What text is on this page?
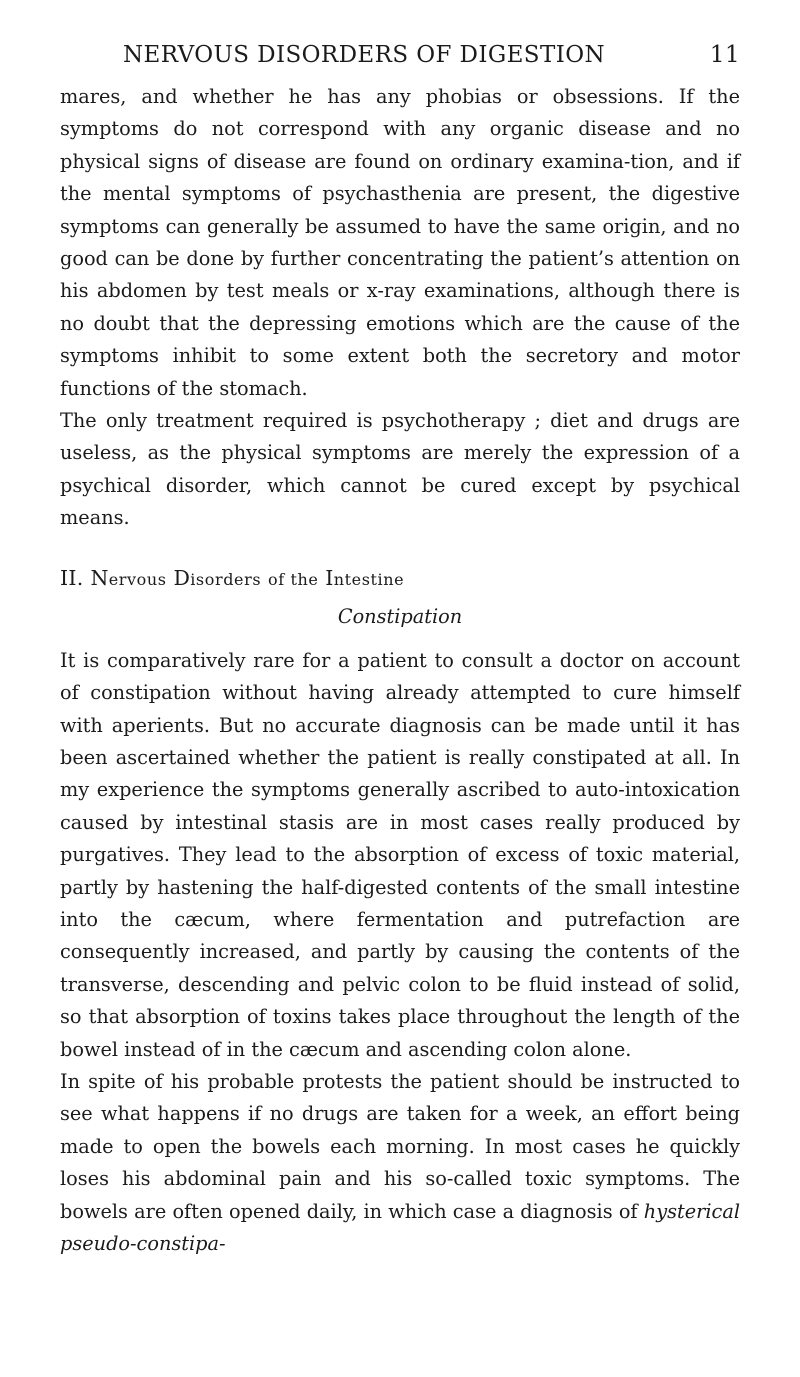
NERVOUS DISORDERS OF DIGESTION	11

mares, and whether he has any phobias or obsessions. If the symptoms do not correspond with any organic disease and no physical signs of disease are found on ordinary examina-tion, and if the mental symptoms of psychasthenia are present, the digestive symptoms can generally be assumed to have the same origin, and no good can be done by further concentrating the patient’s attention on his abdomen by test meals or x-ray examinations, although there is no doubt that the depressing emotions which are the cause of the symptoms inhibit to some extent both the secretory and motor functions of the stomach.

The only treatment required is psychotherapy ; diet and drugs are useless, as the physical symptoms are merely the expression of a psychical disorder, which cannot be cured except by psychical means.

II. Nervous Disorders of the Intestine
Constipation

It is comparatively rare for a patient to consult a doctor on account of constipation without having already attempted to cure himself with aperients. But no accurate diagnosis can be made until it has been ascertained whether the patient is really constipated at all. In my experience the symptoms generally ascribed to auto-intoxication caused by intestinal stasis are in most cases really produced by purgatives. They lead to the absorption of excess of toxic material, partly by hastening the half-digested contents of the small intestine into the cæcum, where fermentation and putrefaction are consequently increased, and partly by causing the contents of the transverse, descending and pelvic colon to be fluid instead of solid, so that absorption of toxins takes place throughout the length of the bowel instead of in the cæcum and ascending colon alone.

In spite of his probable protests the patient should be instructed to see what happens if no drugs are taken for a week, an effort being made to open the bowels each morning. In most cases he quickly loses his abdominal pain and his so-called toxic symptoms. The bowels are often opened daily, in which case a diagnosis of hysterical pseudo-constipa-
